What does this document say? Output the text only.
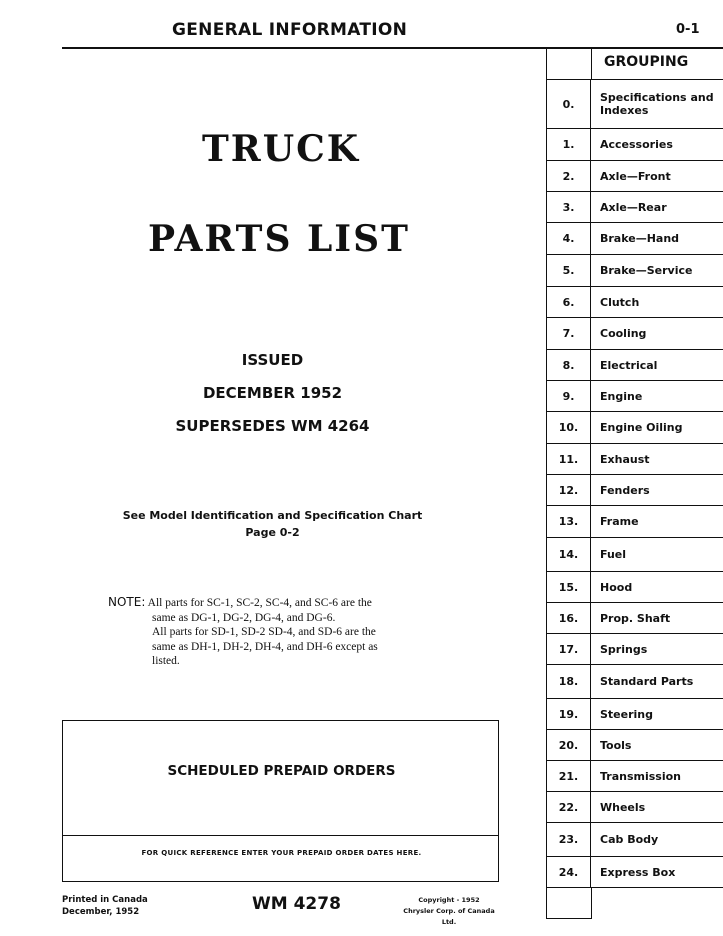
GENERAL INFORMATION	0-1
TRUCK
PARTS LIST
ISSUED
DECEMBER 1952
SUPERSEDES WM 4264
See Model Identification and Specification Chart
Page 0-2
NOTE: All parts for SC-1, SC-2, SC-4, and SC-6 are the
same as DG-1, DG-2, DG-4, and DG-6.
All parts for SD-1, SD-2 SD-4, and SD-6 are the
same as DH-1, DH-2, DH-4, and DH-6 except as
listed.
SCHEDULED PREPAID ORDERS
FOR QUICK REFERENCE ENTER YOUR PREPAID ORDER DATES HERE.
Printed in Canada
December, 1952	WM 4278	Copyright - 1952
Chrysler Corp. of Canada Ltd.
GROUPING
0.	Specifications and Indexes
1.	Accessories
2.	Axle—Front
3.	Axle—Rear
4.	Brake—Hand
5.	Brake—Service
6.	Clutch
7.	Cooling
8.	Electrical
9.	Engine
10.	Engine Oiling
11.	Exhaust
12.	Fenders
13.	Frame
14.	Fuel
15.	Hood
16.	Prop. Shaft
17.	Springs
18.	Standard Parts
19.	Steering
20.	Tools
21.	Transmission
22.	Wheels
23.	Cab Body
24.	Express Box
